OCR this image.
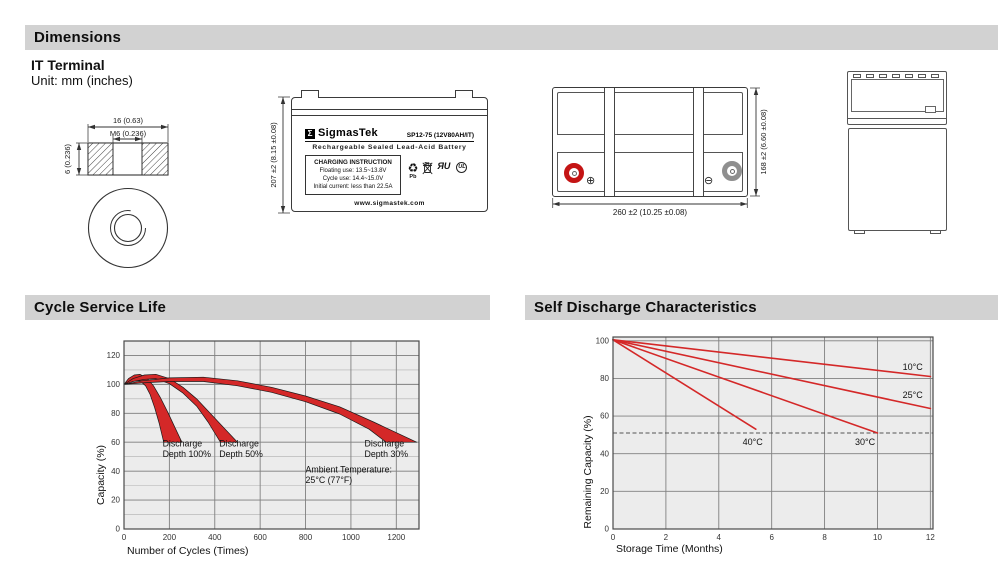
Dimensions
IT Terminal
Unit: mm (inches)
16 (0.63)
M6 (0.236)
6 (0.236)	207 ±2 (8.15 ±0.08)	Σ SigmasTek	SP12-75 (12V80AH/IT)
Rechargeable Sealed Lead-Acid Battery
CHARGING INSTRUCTION
Floating use: 13.5~13.8V
Cycle use: 14.4~15.0V
Initial current: less than 22.5A
♻
Pb
Pb ЯU	UL
www.sigmastek.com
⊕	⊖
260 ±2 (10.25 ±0.08)
168 ±2 (6.60 ±0.08)
Cycle Service Life	Self Discharge Characteristics
0
20
40
60
80
100
120
0	200	400	600	800	1000	1200
Discharge Depth 100%
Discharge Depth 50%
Discharge Depth 30%
Ambient Temperature: 25°C (77°F)
Capacity (%)
Number of Cycles (Times)
0
20
40
60
80
100
0	2	4	6	8	10	12
10°C
25°C
30°C
40°C
Remaining Capacity (%)
Storage Time (Months)
